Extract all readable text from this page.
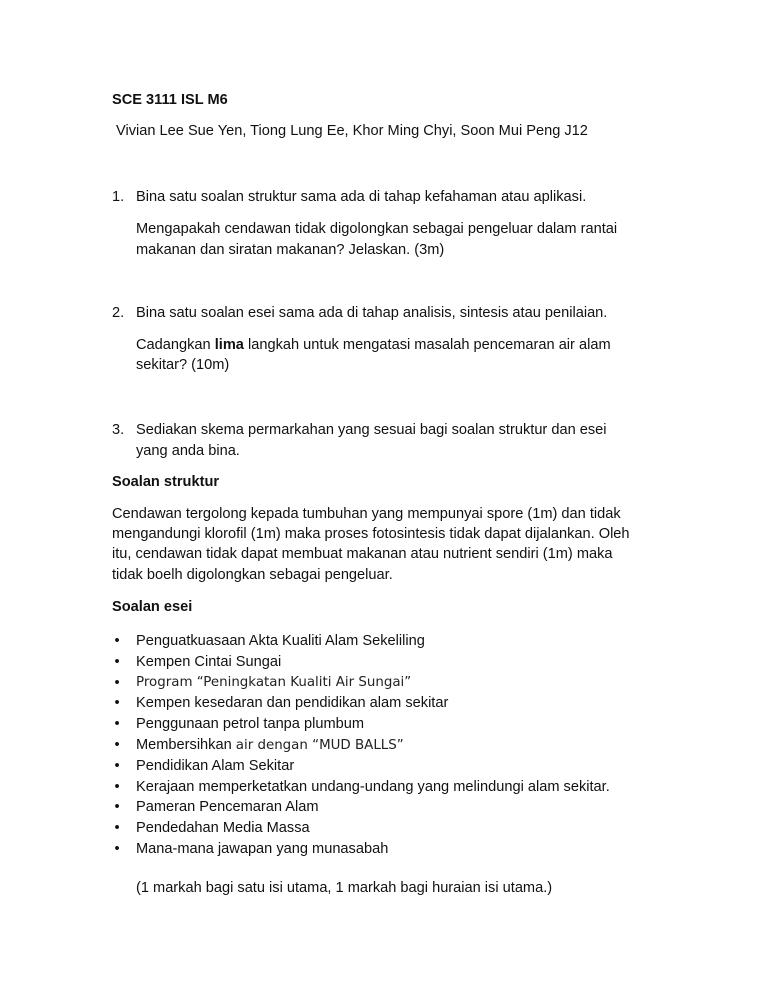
SCE 3111 ISL M6
Vivian Lee Sue Yen, Tiong Lung Ee, Khor Ming Chyi, Soon Mui Peng J12
1. Bina satu soalan struktur sama ada di tahap kefahaman atau aplikasi.
Mengapakah cendawan tidak digolongkan sebagai pengeluar dalam rantai
makanan dan siratan makanan? Jelaskan. (3m)
2. Bina satu soalan esei sama ada di tahap analisis, sintesis atau penilaian.
Cadangkan lima langkah untuk mengatasi masalah pencemaran air alam
sekitar? (10m)
3. Sediakan skema permarkahan yang sesuai bagi soalan struktur dan esei
yang anda bina.
Soalan struktur
Cendawan tergolong kepada tumbuhan yang mempunyai spore (1m) dan tidak
mengandungi klorofil (1m) maka proses fotosintesis tidak dapat dijalankan. Oleh
itu, cendawan tidak dapat membuat makanan atau nutrient sendiri (1m) maka
tidak boelh digolongkan sebagai pengeluar.
Soalan esei
• Penguatkuasaan Akta Kualiti Alam Sekeliling
• Kempen Cintai Sungai
• Program “Peningkatan Kualiti Air Sungai”
• Kempen kesedaran dan pendidikan alam sekitar
• Penggunaan petrol tanpa plumbum
• Membersihkan air dengan “MUD BALLS”
• Pendidikan Alam Sekitar
• Kerajaan memperketatkan undang-undang yang melindungi alam sekitar.
• Pameran Pencemaran Alam
• Pendedahan Media Massa
• Mana-mana jawapan yang munasabah
(1 markah bagi satu isi utama, 1 markah bagi huraian isi utama.)
